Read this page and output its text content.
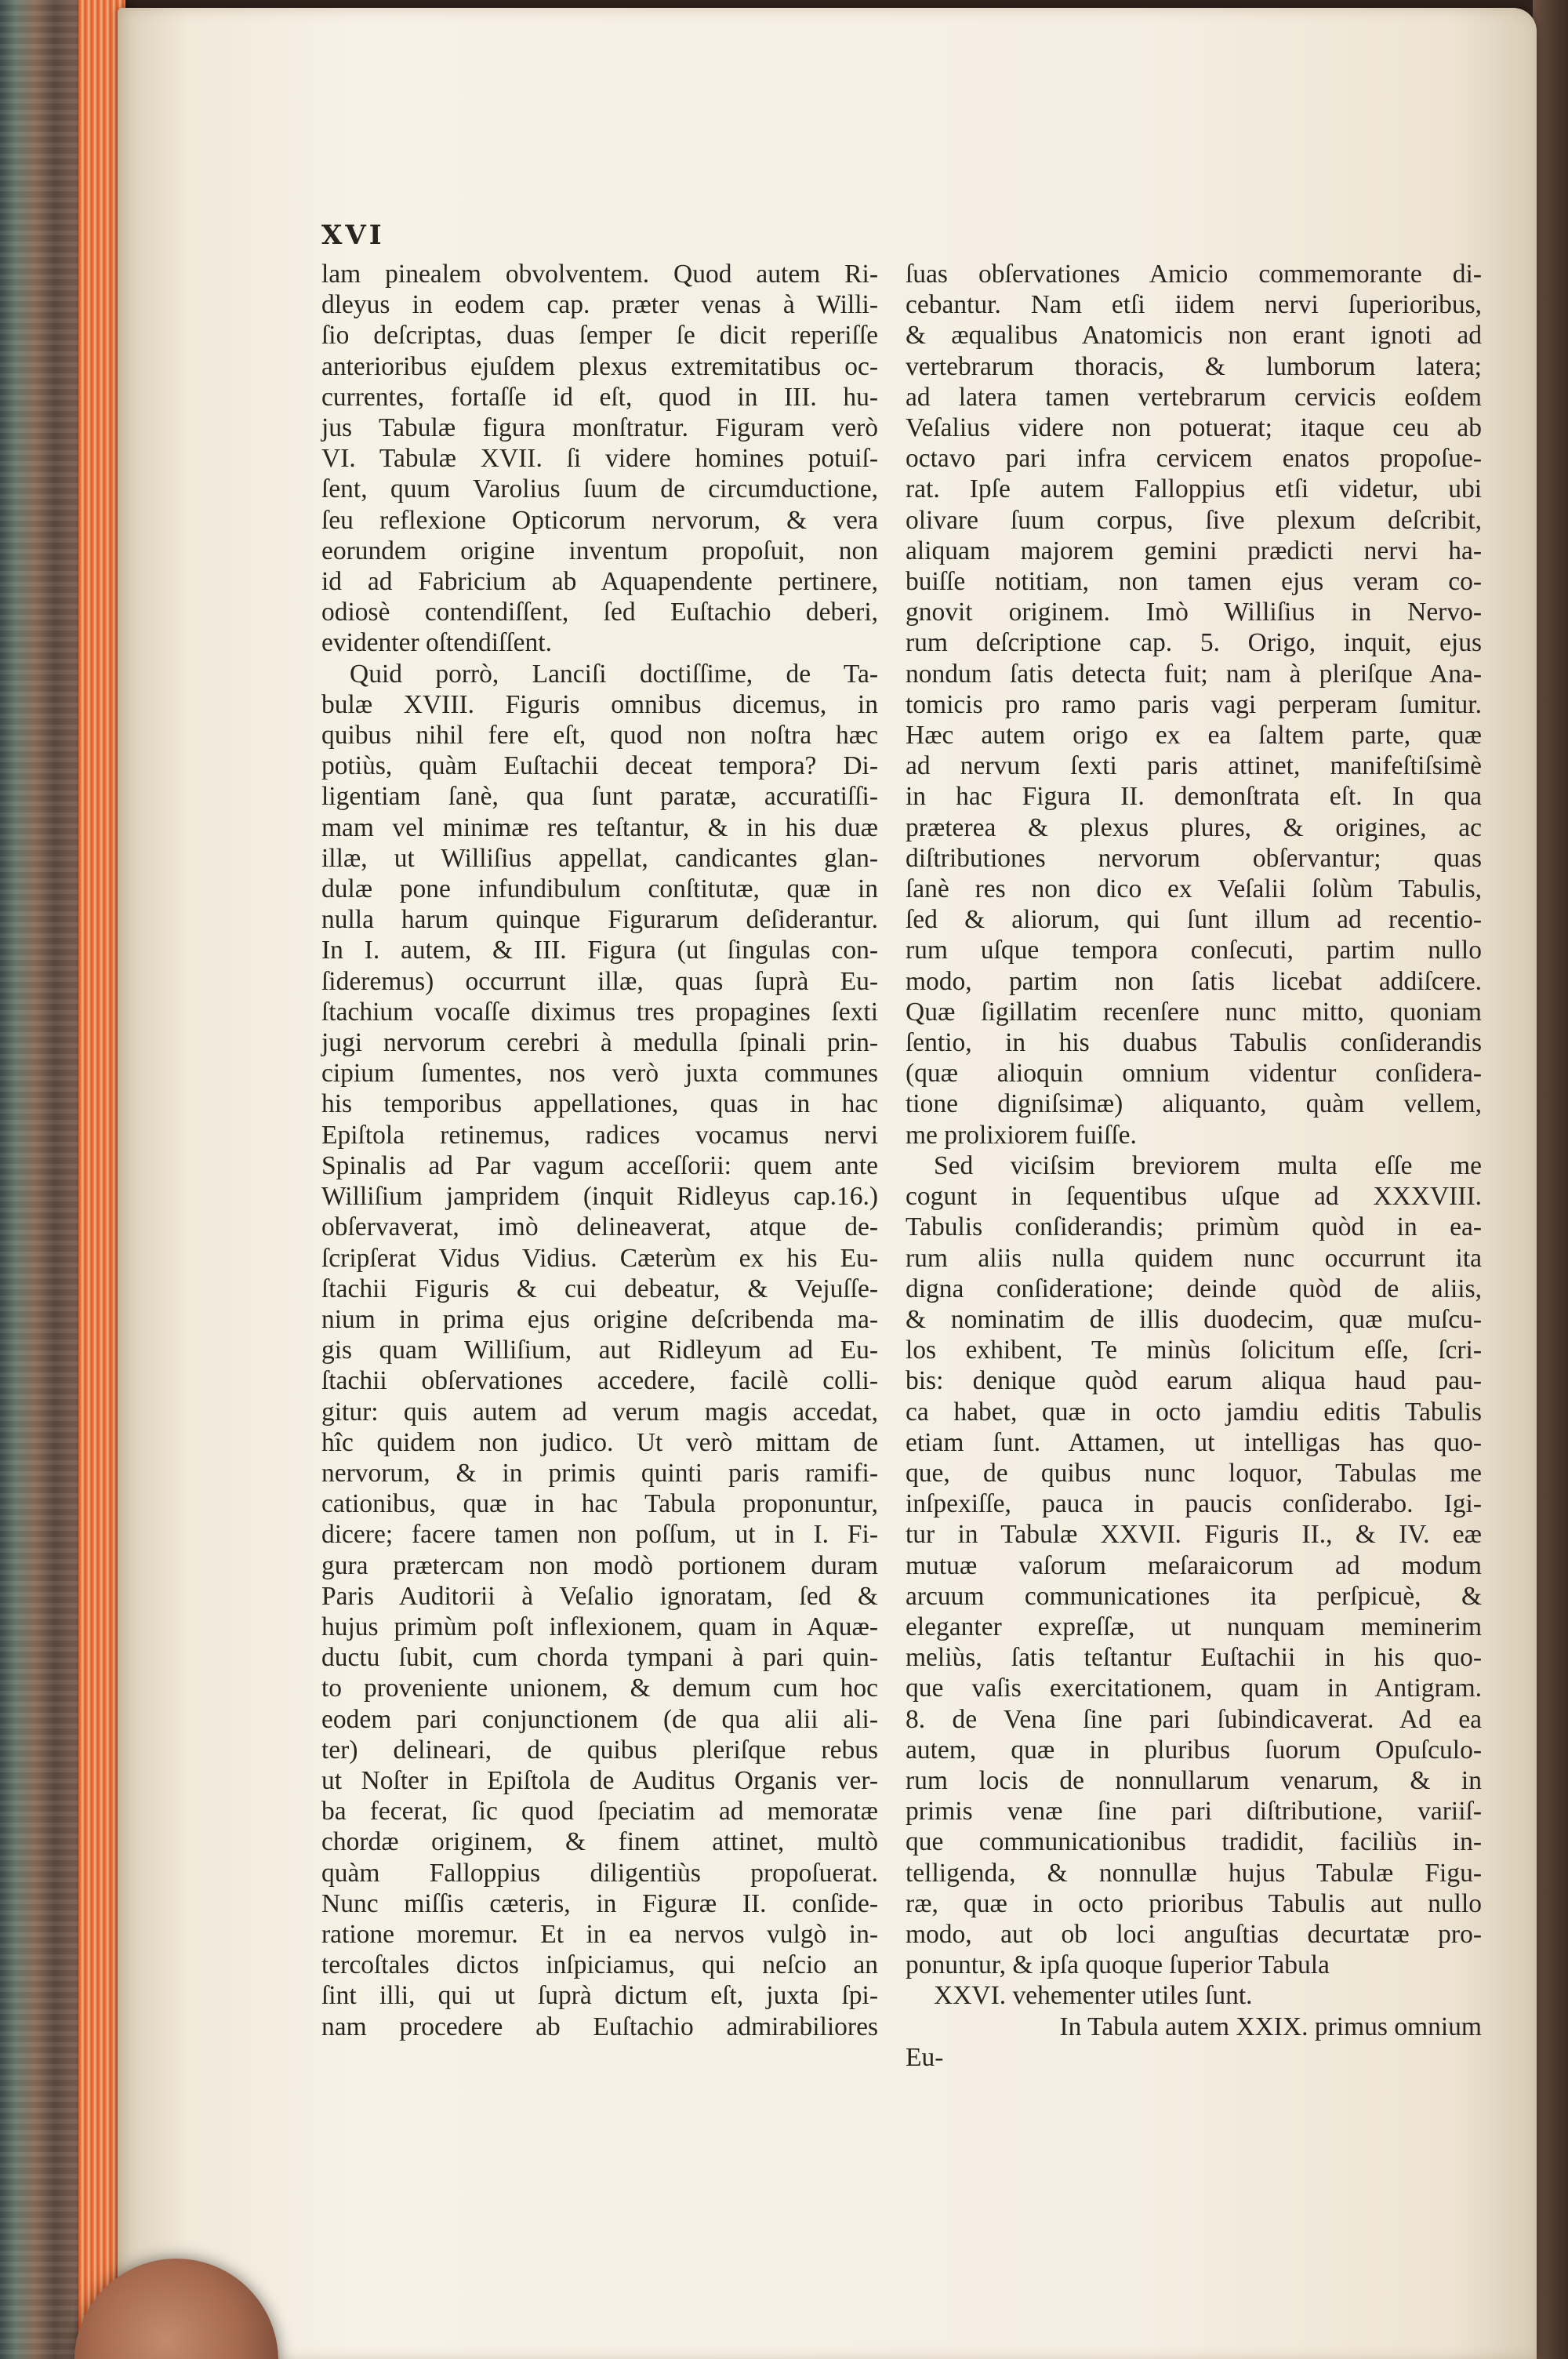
XVI
lam pinealem obvolventem. Quod autem Ri-
dleyus in eodem cap. præter venas à Willi-
ſio deſcriptas, duas ſemper ſe dicit reperiſſe
anterioribus ejuſdem plexus extremitatibus oc-
currentes, fortaſſe id eſt, quod in III. hu-
jus Tabulæ figura monſtratur. Figuram verò
VI. Tabulæ XVII. ſi videre homines potuiſ-
ſent, quum Varolius ſuum de circumductione,
ſeu reflexione Opticorum nervorum, & vera
eorundem origine inventum propoſuit, non
id ad Fabricium ab Aquapendente pertinere,
odiosè contendiſſent, ſed Euſtachio deberi,
evidenter oſtendiſſent.
Quid porrò, Lanciſi doctiſſime, de Ta-
bulæ XVIII. Figuris omnibus dicemus, in
quibus nihil fere eſt, quod non noſtra hæc
potiùs, quàm Euſtachii deceat tempora? Di-
ligentiam ſanè, qua ſunt paratæ, accuratiſſi-
mam vel minimæ res teſtantur, & in his duæ
illæ, ut Williſius appellat, candicantes glan-
dulæ pone infundibulum conſtitutæ, quæ in
nulla harum quinque Figurarum deſiderantur.
In I. autem, & III. Figura (ut ſingulas con-
ſideremus) occurrunt illæ, quas ſuprà Eu-
ſtachium vocaſſe diximus tres propagines ſexti
jugi nervorum cerebri à medulla ſpinali prin-
cipium ſumentes, nos verò juxta communes
his temporibus appellationes, quas in hac
Epiſtola retinemus, radices vocamus nervi
Spinalis ad Par vagum acceſſorii: quem ante
Williſium jampridem (inquit Ridleyus cap.16.)
obſervaverat, imò delineaverat, atque de-
ſcripſerat Vidus Vidius. Cæterùm ex his Eu-
ſtachii Figuris & cui debeatur, & Vejuſſe-
nium in prima ejus origine deſcribenda ma-
gis quam Williſium, aut Ridleyum ad Eu-
ſtachii obſervationes accedere, facilè colli-
gitur: quis autem ad verum magis accedat,
hîc quidem non judico. Ut verò mittam de
nervorum, & in primis quinti paris ramifi-
cationibus, quæ in hac Tabula proponuntur,
dicere; facere tamen non poſſum, ut in I. Fi-
gura prætercam non modò portionem duram
Paris Auditorii à Veſalio ignoratam, ſed &
hujus primùm poſt inflexionem, quam in Aquæ-
ductu ſubit, cum chorda tympani à pari quin-
to proveniente unionem, & demum cum hoc
eodem pari conjunctionem (de qua alii ali-
ter) delineari, de quibus pleriſque rebus
ut Noſter in Epiſtola de Auditus Organis ver-
ba fecerat, ſic quod ſpeciatim ad memoratæ
chordæ originem, & finem attinet, multò
quàm Falloppius diligentiùs propoſuerat.
Nunc miſſis cæteris, in Figuræ II. conſide-
ratione moremur. Et in ea nervos vulgò in-
tercoſtales dictos inſpiciamus, qui neſcio an
ſint illi, qui ut ſuprà dictum eſt, juxta ſpi-
nam procedere ab Euſtachio admirabiliores
ſuas obſervationes Amicio commemorante di-
cebantur. Nam etſi iidem nervi ſuperioribus,
& æqualibus Anatomicis non erant ignoti ad
vertebrarum thoracis, & lumborum latera;
ad latera tamen vertebrarum cervicis eoſdem
Veſalius videre non potuerat; itaque ceu ab
octavo pari infra cervicem enatos propoſue-
rat. Ipſe autem Falloppius etſi videtur, ubi
olivare ſuum corpus, ſive plexum deſcribit,
aliquam majorem gemini prædicti nervi ha-
buiſſe notitiam, non tamen ejus veram co-
gnovit originem. Imò Williſius in Nervo-
rum deſcriptione cap. 5. Origo, inquit, ejus
nondum ſatis detecta fuit; nam à pleriſque Ana-
tomicis pro ramo paris vagi perperam ſumitur.
Hæc autem origo ex ea ſaltem parte, quæ
ad nervum ſexti paris attinet, manifeſtiſsimè
in hac Figura II. demonſtrata eſt. In qua
præterea & plexus plures, & origines, ac
diſtributiones nervorum obſervantur; quas
ſanè res non dico ex Veſalii ſolùm Tabulis,
ſed & aliorum, qui ſunt illum ad recentio-
rum uſque tempora conſecuti, partim nullo
modo, partim non ſatis licebat addiſcere.
Quæ ſigillatim recenſere nunc mitto, quoniam
ſentio, in his duabus Tabulis conſiderandis
(quæ alioquin omnium videntur conſidera-
tione digniſsimæ) aliquanto, quàm vellem,
me prolixiorem fuiſſe.
Sed viciſsim breviorem multa eſſe me
cogunt in ſequentibus uſque ad XXXVIII.
Tabulis conſiderandis; primùm quòd in ea-
rum aliis nulla quidem nunc occurrunt ita
digna conſideratione; deinde quòd de aliis,
& nominatim de illis duodecim, quæ muſcu-
los exhibent, Te minùs ſolicitum eſſe, ſcri-
bis: denique quòd earum aliqua haud pau-
ca habet, quæ in octo jamdiu editis Tabulis
etiam ſunt. Attamen, ut intelligas has quo-
que, de quibus nunc loquor, Tabulas me
inſpexiſſe, pauca in paucis conſiderabo. Igi-
tur in Tabulæ XXVII. Figuris II., & IV. eæ
mutuæ vaſorum meſaraicorum ad modum
arcuum communicationes ita perſpicuè, &
eleganter expreſſæ, ut nunquam meminerim
meliùs, ſatis teſtantur Euſtachii in his quo-
que vaſis exercitationem, quam in Antigram.
8. de Vena ſine pari ſubindicaverat. Ad ea
autem, quæ in pluribus ſuorum Opuſculo-
rum locis de nonnullarum venarum, & in
primis venæ ſine pari diſtributione, variiſ-
que communicationibus tradidit, faciliùs in-
telligenda, & nonnullæ hujus Tabulæ Figu-
ræ, quæ in octo prioribus Tabulis aut nullo
modo, aut ob loci anguſtias decurtatæ pro-
ponuntur, & ipſa quoque ſuperior Tabula
XXVI. vehementer utiles ſunt.
In Tabula autem XXIX. primus omnium
Eu-
